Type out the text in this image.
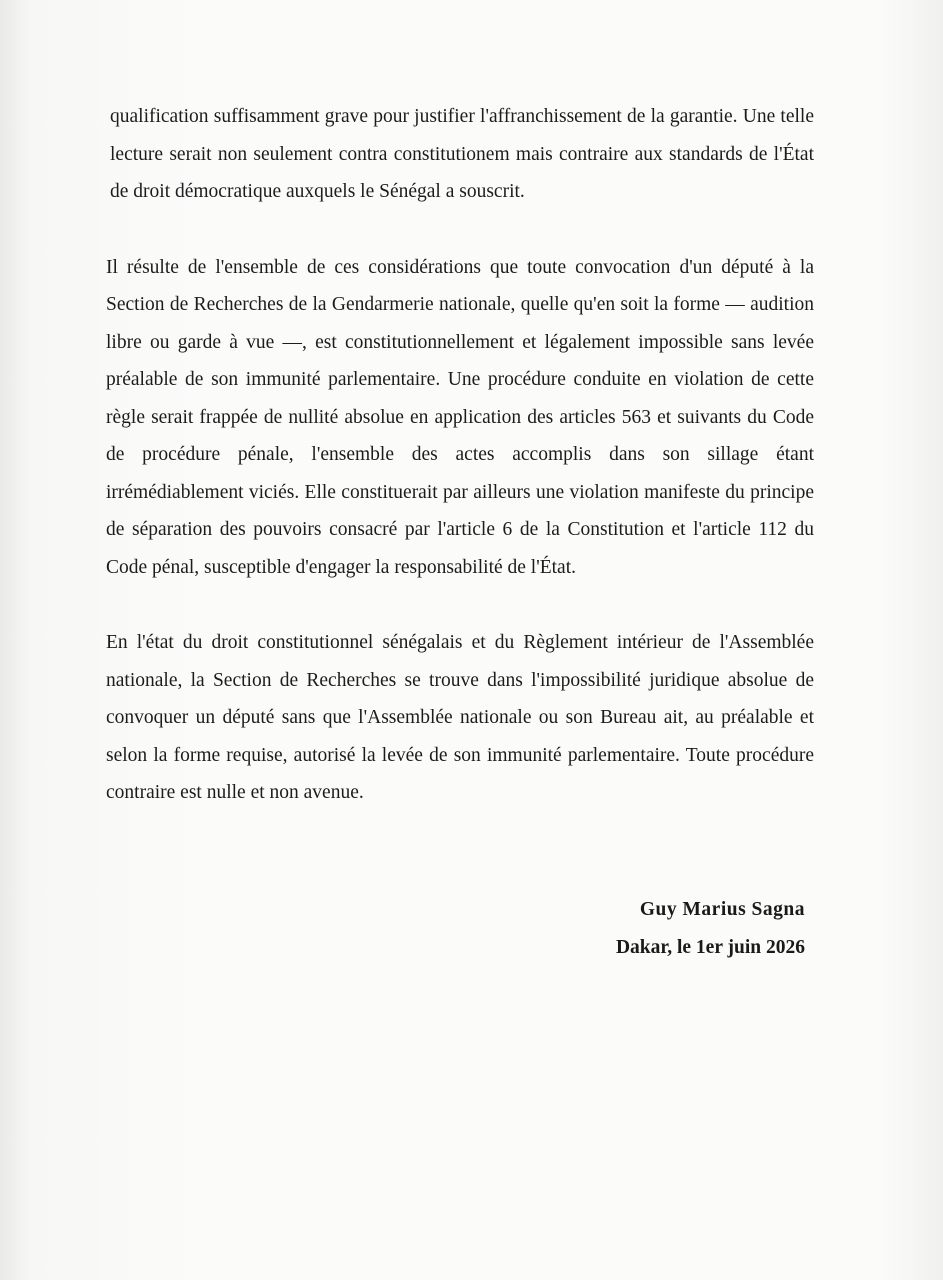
qualification suffisamment grave pour justifier l'affranchissement de la garantie. Une telle lecture serait non seulement contra constitutionem mais contraire aux standards de l'État de droit démocratique auxquels le Sénégal a souscrit.

Il résulte de l'ensemble de ces considérations que toute convocation d'un député à la Section de Recherches de la Gendarmerie nationale, quelle qu'en soit la forme — audition libre ou garde à vue —, est constitutionnellement et légalement impossible sans levée préalable de son immunité parlementaire. Une procédure conduite en violation de cette règle serait frappée de nullité absolue en application des articles 563 et suivants du Code de procédure pénale, l'ensemble des actes accomplis dans son sillage étant irrémédiablement viciés. Elle constituerait par ailleurs une violation manifeste du principe de séparation des pouvoirs consacré par l'article 6 de la Constitution et l'article 112 du Code pénal, susceptible d'engager la responsabilité de l'État.

En l'état du droit constitutionnel sénégalais et du Règlement intérieur de l'Assemblée nationale, la Section de Recherches se trouve dans l'impossibilité juridique absolue de convoquer un député sans que l'Assemblée nationale ou son Bureau ait, au préalable et selon la forme requise, autorisé la levée de son immunité parlementaire. Toute procédure contraire est nulle et non avenue.

Guy Marius Sagna
Dakar, le 1er juin 2026
